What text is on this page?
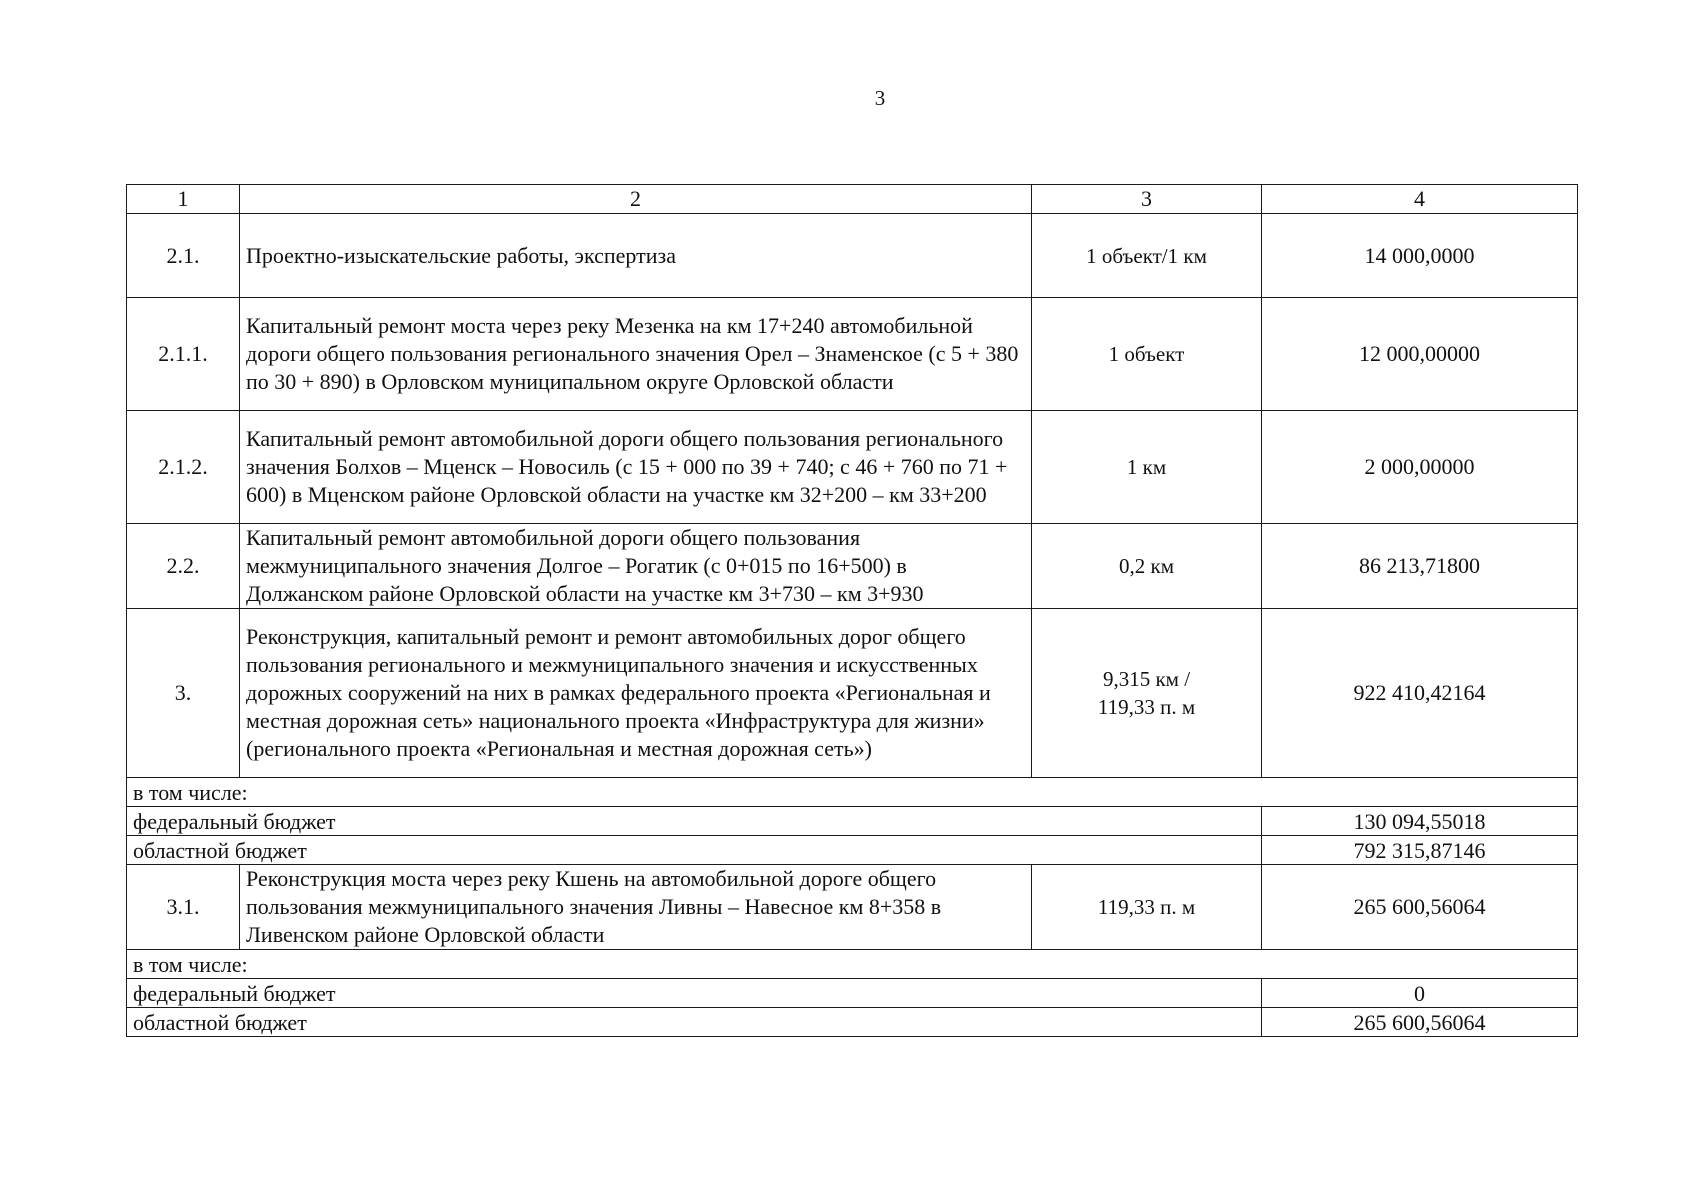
3
1	2	3	4
2.1.	Проектно-изыскательские работы, экспертиза	1 объект/1 км	14 000,0000
2.1.1.	Капитальный ремонт моста через реку Мезенка на км 17+240 автомобильной дороги общего пользования регионального значения Орел – Знаменское (с 5 + 380 по 30 + 890) в Орловском муниципальном округе Орловской области	1 объект	12 000,00000
2.1.2.	Капитальный ремонт автомобильной дороги общего пользования регионального значения Болхов – Мценск – Новосиль (с 15 + 000 по 39 + 740; с 46 + 760 по 71 + 600) в Мценском районе Орловской области на участке км 32+200 – км 33+200	1 км	2 000,00000
2.2.	Капитальный ремонт автомобильной дороги общего пользования межмуниципального значения Долгое – Рогатик (с 0+015 по 16+500) в Должанском районе Орловской области на участке км 3+730 – км 3+930	0,2 км	86 213,71800
3.	Реконструкция, капитальный ремонт и ремонт автомобильных дорог общего пользования регионального и межмуниципального значения и искусственных дорожных сооружений на них в рамках федерального проекта «Региональная и местная дорожная сеть» национального проекта «Инфраструктура для жизни» (регионального проекта «Региональная и местная дорожная сеть»)	9,315 км / 119,33 п. м	922 410,42164
в том числе:			
федеральный бюджет			130 094,55018
областной бюджет			792 315,87146
3.1.	Реконструкция моста через реку Кшень на автомобильной дороге общего пользования межмуниципального значения Ливны – Навесное км 8+358 в Ливенском районе Орловской области	119,33 п. м	265 600,56064
в том числе:			
федеральный бюджет			0
областной бюджет			265 600,56064
